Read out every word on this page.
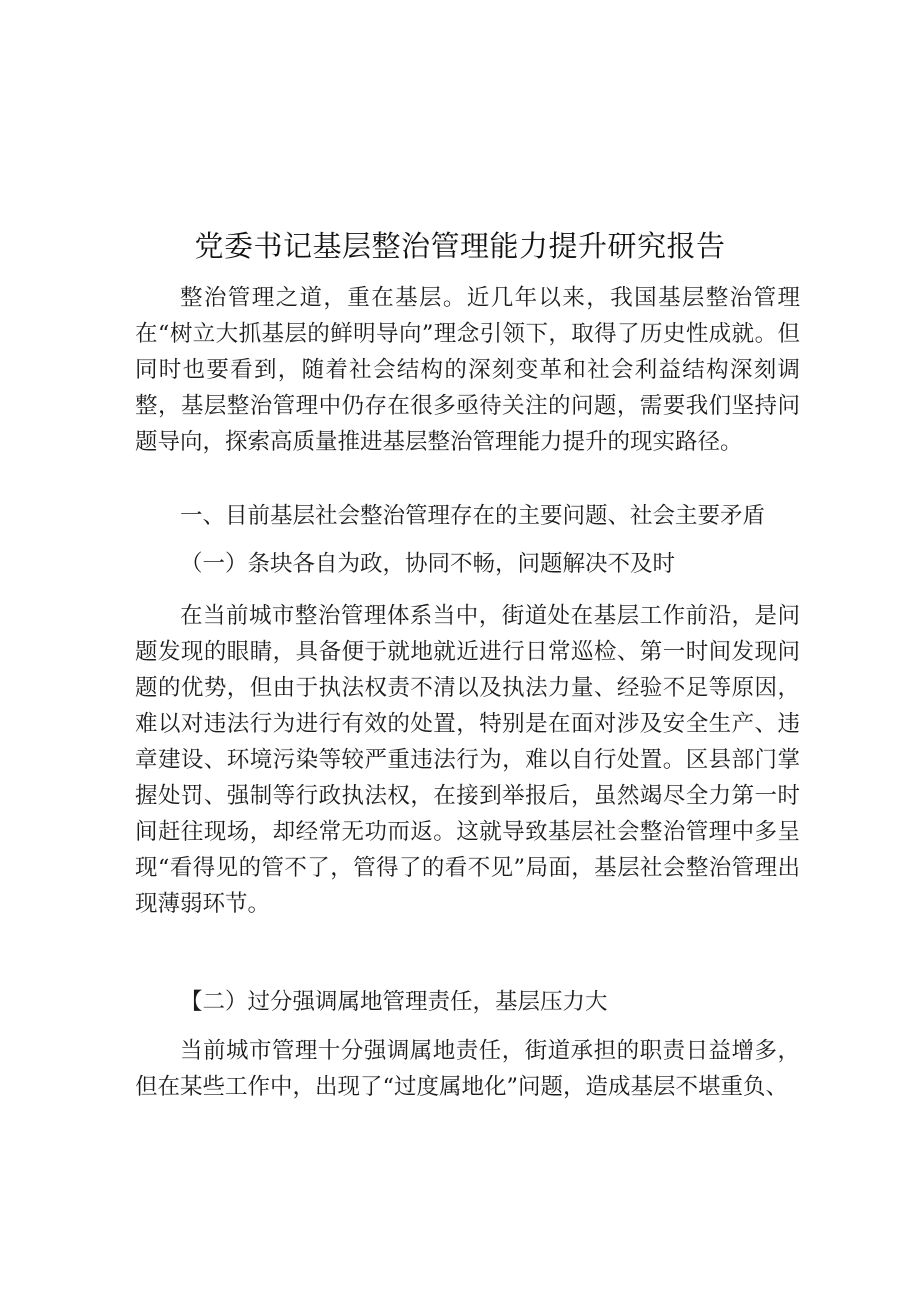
党委书记基层整治管理能力提升研究报告

整治管理之道，重在基层。近几年以来，我国基层整治管理在“树立大抓基层的鲜明导向”理念引领下，取得了历史性成就。但同时也要看到，随着社会结构的深刻变革和社会利益结构深刻调整，基层整治管理中仍存在很多亟待关注的问题，需要我们坚持问题导向，探索高质量推进基层整治管理能力提升的现实路径。

一、目前基层社会整治管理存在的主要问题、社会主要矛盾

（一）条块各自为政，协同不畅，问题解决不及时

在当前城市整治管理体系当中，街道处在基层工作前沿，是问题发现的眼睛，具备便于就地就近进行日常巡检、第一时间发现问题的优势，但由于执法权责不清以及执法力量、经验不足等原因，难以对违法行为进行有效的处置，特别是在面对涉及安全生产、违章建设、环境污染等较严重违法行为，难以自行处置。区县部门掌握处罚、强制等行政执法权，在接到举报后，虽然竭尽全力第一时间赶往现场，却经常无功而返。这就导致基层社会整治管理中多呈现“看得见的管不了，管得了的看不见”局面，基层社会整治管理出现薄弱环节。

【二）过分强调属地管理责任，基层压力大

当前城市管理十分强调属地责任，街道承担的职责日益增多，但在某些工作中，出现了“过度属地化”问题，造成基层不堪重负、
